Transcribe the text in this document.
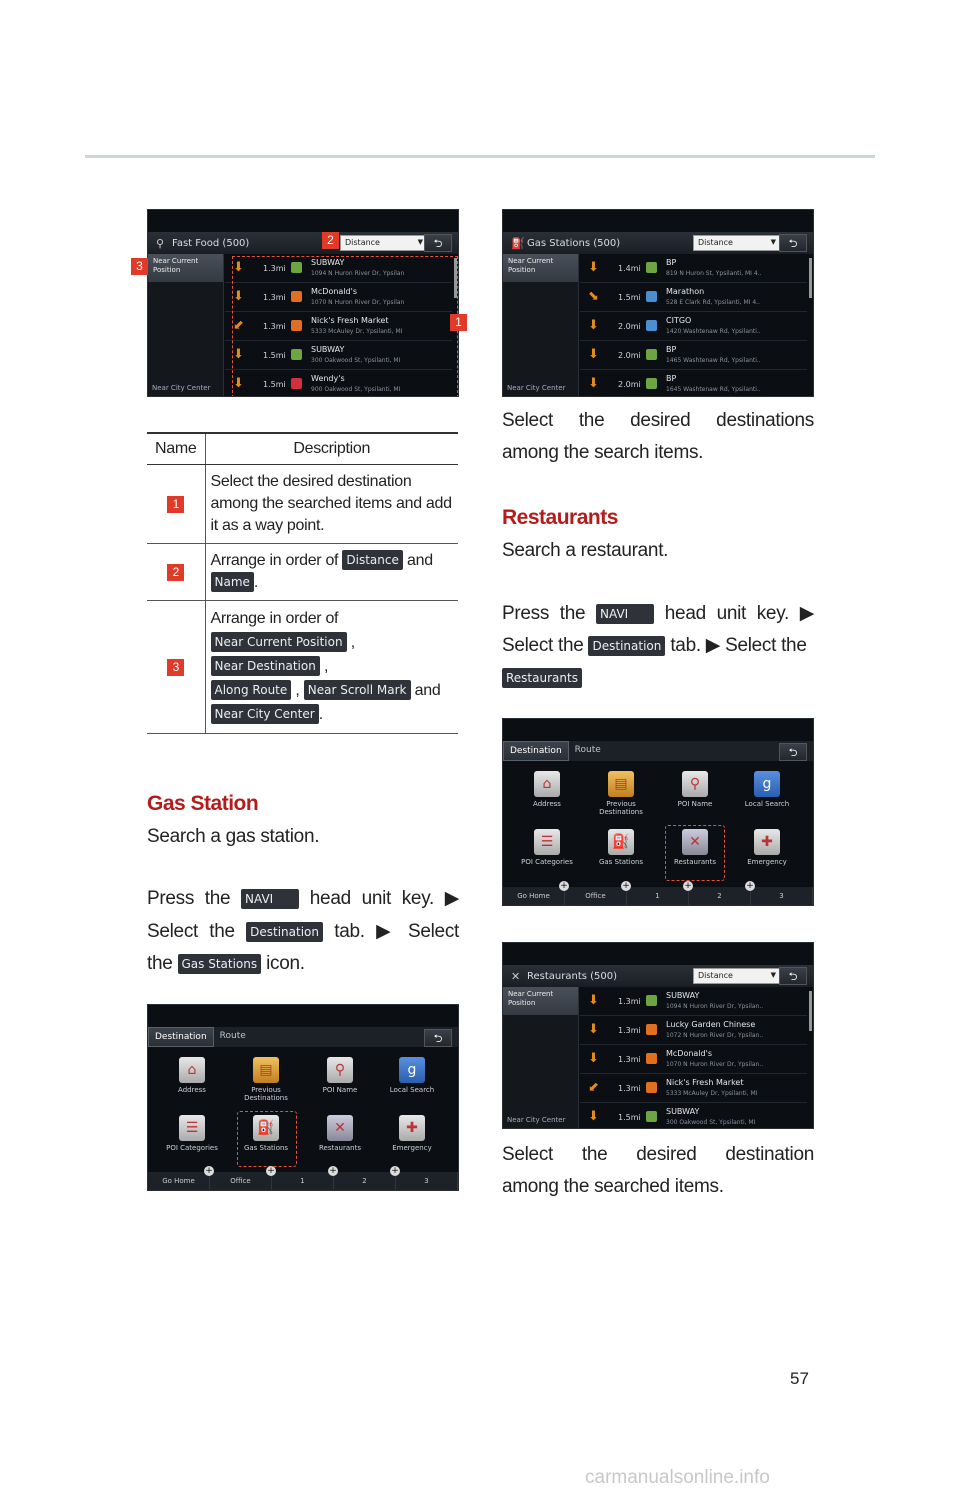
⚲ Fast Food (500)	Distance	▼ ⮌
Near Current Position
Near City Center
⬇ 1.3mi
SUBWAY
1094 N Huron River Dr, Ypsilan
⬇ 1.3mi
McDonald's
1070 N Huron River Dr, Ypsilan
⬋ 1.3mi
Nick's Fresh Market
5333 McAuley Dr, Ypsilanti, MI
⬇ 1.5mi
SUBWAY
300 Oakwood St, Ypsilanti, MI
⬇ 1.5mi
Wendy's
900 Oakwood St, Ypsilanti, MI
2
3
1
Name	Description
1	Select the desired destination among the searched items and add it as a way point.
2	Arrange in order of Distance and
Name .
3	Arrange in order of
Near Current Position ,
Near Destination ,
Along Route , Near Scroll Mark and
Near City Center .
Gas Station
Search a gas station.
Press the NAVI head unit key. ▶
Select the Destination tab. ▶ Select
the Gas Stations icon.
Destination	Route	⮌
⌂
Address
▤
Previous Destinations
⚲
POI Name
g
Local Search
☰
POI Categories
⛽
Gas Stations
✕
Restaurants
✚
Emergency
Go Home
+
Office
+
1
+
2
+
3
⛽ Gas Stations (500)	Distance	▼	⮌
Near Current Position
Near City Center
⬇ 1.4mi
BP
819 N Huron St, Ypsilanti, MI 4..
⬊ 1.5mi
Marathon
528 E Clark Rd, Ypsilanti, MI 4..
⬇ 2.0mi
CITGO
1420 Washtenaw Rd, Ypsilanti..
⬇ 2.0mi
BP
1465 Washtenaw Rd, Ypsilanti..
⬇ 2.0mi
BP
1645 Washtenaw Rd, Ypsilanti..
Select the desired destinations
among the search items.
Restaurants
Search a restaurant.
Press the NAVI head unit key. ▶
Select the Destination tab. ▶ Select the
Restaurants
Destination	Route	⮌
⌂
Address
▤
Previous Destinations
⚲
POI Name
g
Local Search
☰
POI Categories
⛽
Gas Stations
✕
Restaurants
✚
Emergency
Go Home
+
Office
+
1
+
2
+
3
✕ Restaurants (500)	Distance	▼	⮌
Near Current Position
Near City Center
⬇ 1.3mi
SUBWAY
1094 N Huron River Dr, Ypsilan..
⬇ 1.3mi
Lucky Garden Chinese
1072 N Huron River Dr, Ypsilan..
⬇ 1.3mi
McDonald's
1070 N Huron River Dr, Ypsilan..
⬋ 1.3mi
Nick's Fresh Market
5333 McAuley Dr, Ypsilanti, MI
⬇ 1.5mi
SUBWAY
300 Oakwood St, Ypsilanti, MI
Select the desired destination
among the searched items.
57
carmanualsonline.info
